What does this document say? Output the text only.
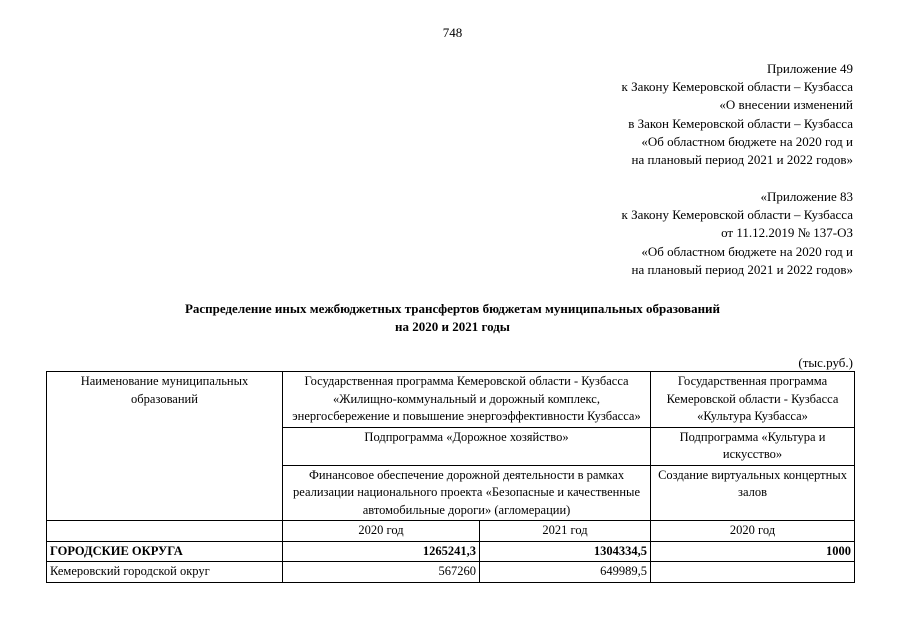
748
Приложение 49
к Закону Кемеровской области – Кузбасса
«О внесении изменений
в Закон Кемеровской области – Кузбасса
«Об областном бюджете на 2020 год и
на плановый период 2021 и 2022 годов»
«Приложение 83
к Закону Кемеровской области – Кузбасса
от 11.12.2019 № 137-ОЗ
«Об областном бюджете на 2020 год и
на плановый период 2021 и 2022 годов»
Распределение иных межбюджетных трансфертов бюджетам муниципальных образований
на 2020 и 2021 годы
(тыс.руб.)
Наименование муниципальных образований	Государственная программа Кемеровской области - Кузбасса «Жилищно-коммунальный и дорожный комплекс, энергосбережение и повышение энергоэффективности Кузбасса»		Государственная программа Кемеровской области - Кузбасса «Культура Кузбасса»
	Подпрограмма «Дорожное хозяйство»		Подпрограмма «Культура и искусство»
	Финансовое обеспечение дорожной деятельности в рамках реализации национального проекта «Безопасные и качественные автомобильные дороги» (агломерации)		Создание виртуальных концертных залов
	2020 год	2021 год	2020 год
ГОРОДСКИЕ ОКРУГА	1265241,3	1304334,5	1000
Кемеровский городской округ	567260	649989,5	
